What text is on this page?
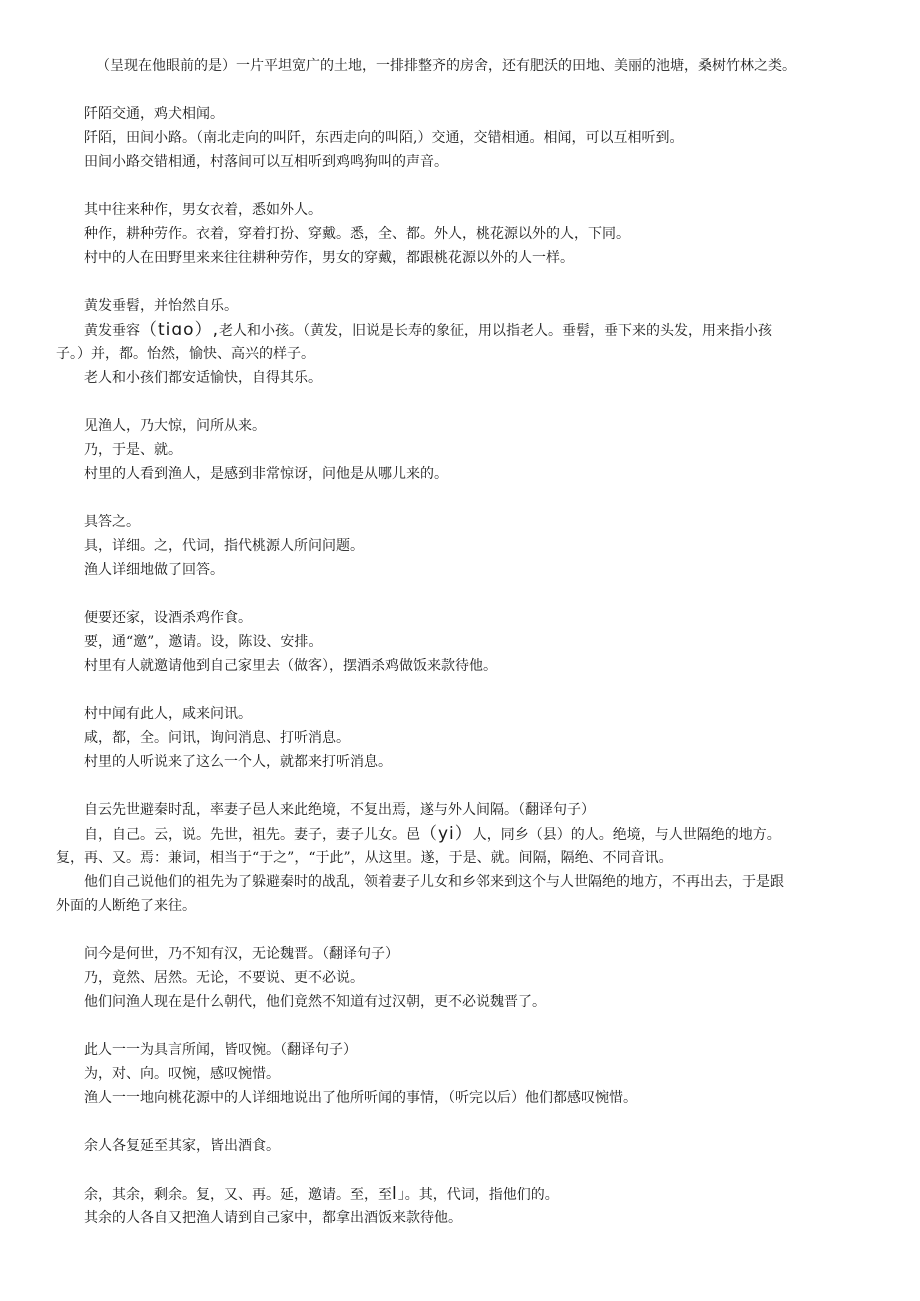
（呈现在他眼前的是）一片平坦宽广的土地，一排排整齐的房舍，还有肥沃的田地、美丽的池塘，桑树竹林之类。
阡陌交通，鸡犬相闻。
阡陌，田间小路。（南北走向的叫阡，东西走向的叫陌,）交通，交错相通。相闻，可以互相听到。
田间小路交错相通，村落间可以互相听到鸡鸣狗叫的声音。
其中往来种作，男女衣着，悉如外人。
种作，耕种劳作。衣着，穿着打扮、穿戴。悉，全、都。外人，桃花源以外的人，下同。
村中的人在田野里来来往往耕种劳作，男女的穿戴，都跟桃花源以外的人一样。
黄发垂髫，并怡然自乐。
黄发垂容（tiɑo）,老人和小孩。（黄发，旧说是长寿的象征，用以指老人。垂髫，垂下来的头发，用来指小孩
子。）并，都。怡然，愉快、高兴的样子。
老人和小孩们都安适愉快，自得其乐。
见渔人，乃大惊，问所从来。
乃，于是、就。
村里的人看到渔人，是感到非常惊讶，问他是从哪儿来的。
具答之。
具，详细。之，代词，指代桃源人所问问题。
渔人详细地做了回答。
便要还家，设酒杀鸡作食。
要，通“邀”，邀请。设，陈设、安排。
村里有人就邀请他到自己家里去（做客），摆酒杀鸡做饭来款待他。
村中闻有此人，咸来问讯。
咸，都，全。问讯，询问消息、打听消息。
村里的人听说来了这么一个人，就都来打听消息。
自云先世避秦时乱，率妻子邑人来此绝境，不复出焉，遂与外人间隔。（翻译句子）
自，自己。云，说。先世，祖先。妻子，妻子儿女。邑（yi）人，同乡（县）的人。绝境，与人世隔绝的地方。
复，再、又。焉：兼词，相当于“于之”，“于此”，从这里。遂，于是、就。间隔，隔绝、不同音讯。
他们自己说他们的祖先为了躲避秦时的战乱，领着妻子儿女和乡邻来到这个与人世隔绝的地方，不再出去，于是跟
外面的人断绝了来往。
问今是何世，乃不知有汉，无论魏晋。（翻译句子）
乃，竟然、居然。无论，不要说、更不必说。
他们问渔人现在是什么朝代，他们竟然不知道有过汉朝，更不必说魏晋了。
此人一一为具言所闻，皆叹惋。（翻译句子）
为，对、向。叹惋，感叹惋惜。
渔人一一地向桃花源中的人详细地说出了他所听闻的事情，（听完以后）他们都感叹惋惜。
余人各复延至其家，皆出酒食。
余，其余，剩余。复，又、再。延，邀请。至，至l」。其，代词，指他们的。
其余的人各自又把渔人请到自己家中，都拿出酒饭来款待他。
